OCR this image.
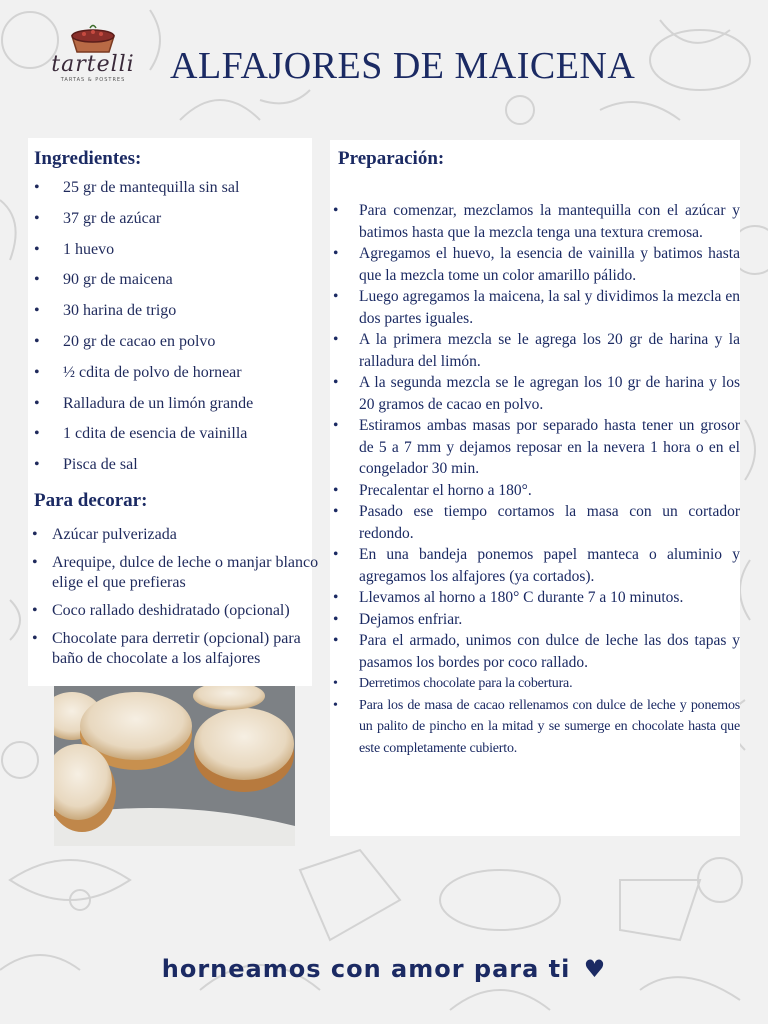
tartelli
TARTAS & POSTRES	ALFAJORES DE MAICENA
Ingredientes:
• 25 gr de mantequilla sin sal
• 37 gr de azúcar
• 1 huevo
• 90 gr de maicena
• 30 harina de trigo
• 20 gr de cacao en polvo
• ½ cdita de polvo de hornear
• Ralladura de un limón grande
• 1 cdita de esencia de vainilla
• Pisca de sal
Para decorar:
• Azúcar pulverizada
• Arequipe, dulce de leche o manjar blanco elige el que prefieras
• Coco rallado deshidratado (opcional)
• Chocolate para derretir (opcional) para baño de chocolate a los alfajores
Preparación:
• Para comenzar, mezclamos la mantequilla con el azúcar y batimos hasta que la mezcla tenga una textura cremosa.
• Agregamos el huevo, la esencia de vainilla y batimos hasta que la mezcla tome un color amarillo pálido.
• Luego agregamos la maicena, la sal y dividimos la mezcla en dos partes iguales.
• A la primera mezcla se le agrega los 20 gr de harina y la ralladura del limón.
• A la segunda mezcla se le agregan los 10 gr de harina y los 20 gramos de cacao en polvo.
• Estiramos ambas masas por separado hasta tener un grosor de 5 a 7 mm y dejamos reposar en la nevera 1 hora o en el congelador 30 min.
• Precalentar el horno a 180°.
• Pasado ese tiempo cortamos la masa con un cortador redondo.
• En una bandeja ponemos papel manteca o aluminio y agregamos los alfajores (ya cortados).
• Llevamos al horno a 180° C durante 7 a 10 minutos.
• Dejamos enfriar.
• Para el armado, unimos con dulce de leche las dos tapas y pasamos los bordes por coco rallado.
• Derretimos chocolate para la cobertura.
• Para los de masa de cacao rellenamos con dulce de leche y ponemos un palito de pincho en la mitad y se sumerge en chocolate hasta que este completamente cubierto.
horneamos con amor para ti ♥
